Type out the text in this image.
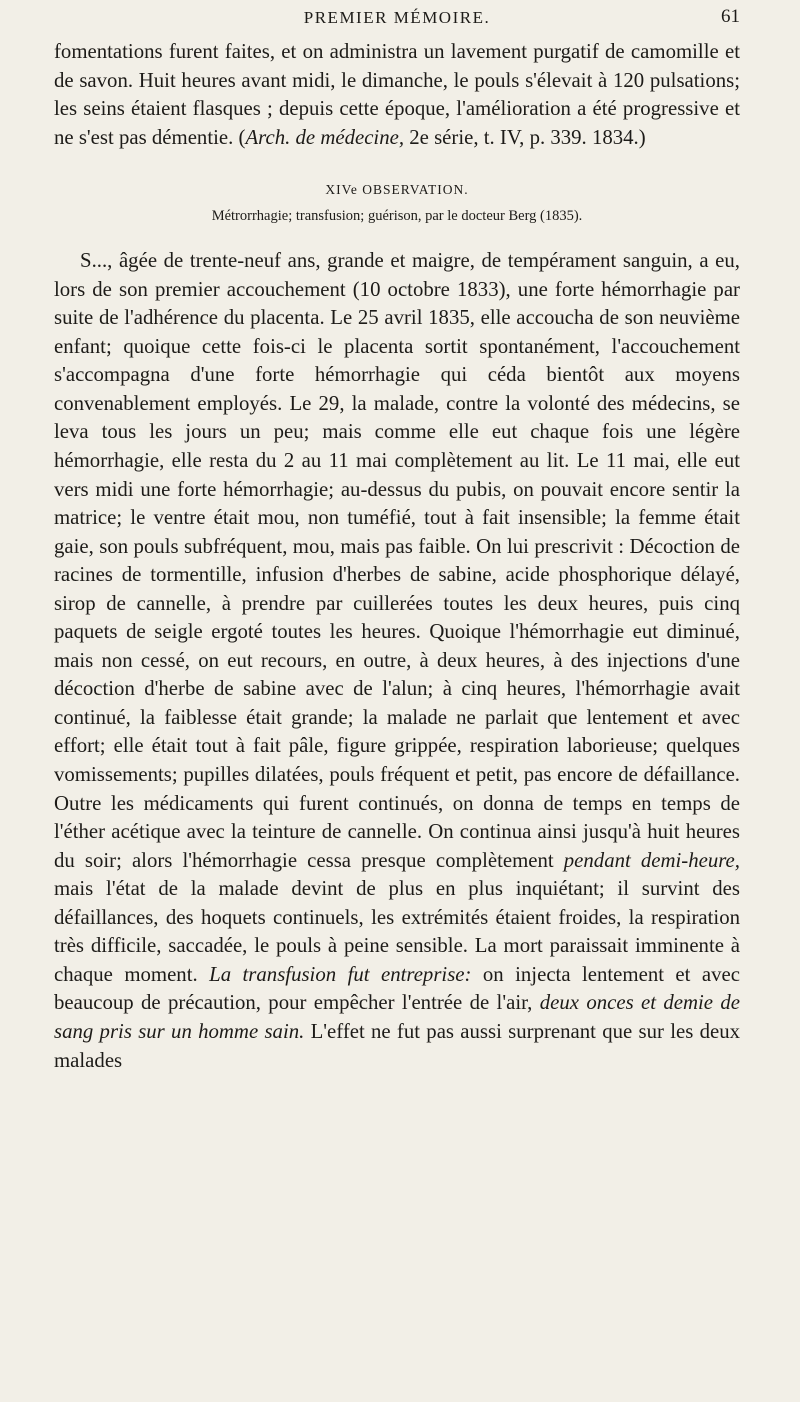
PREMIER MÉMOIRE.	61

fomentations furent faites, et on administra un lavement purgatif de camomille et de savon. Huit heures avant midi, le dimanche, le pouls s'élevait à 120 pulsations; les seins étaient flasques ; depuis cette époque, l'amélioration a été progressive et ne s'est pas démentie. (Arch. de médecine, 2e série, t. IV, p. 339. 1834.)

XIVe OBSERVATION.
Métrorrhagie; transfusion; guérison, par le docteur Berg (1835).

S..., âgée de trente-neuf ans, grande et maigre, de tempérament sanguin, a eu, lors de son premier accouchement (10 octobre 1833), une forte hémorrhagie par suite de l'adhérence du placenta. Le 25 avril 1835, elle accoucha de son neuvième enfant; quoique cette fois-ci le placenta sortit spontanément, l'accouchement s'accompagna d'une forte hémorrhagie qui céda bientôt aux moyens convenablement employés. Le 29, la malade, contre la volonté des médecins, se leva tous les jours un peu; mais comme elle eut chaque fois une légère hémorrhagie, elle resta du 2 au 11 mai complètement au lit. Le 11 mai, elle eut vers midi une forte hémorrhagie; au-dessus du pubis, on pouvait encore sentir la matrice; le ventre était mou, non tuméfié, tout à fait insensible; la femme était gaie, son pouls subfréquent, mou, mais pas faible. On lui prescrivit : Décoction de racines de tormentille, infusion d'herbes de sabine, acide phosphorique délayé, sirop de cannelle, à prendre par cuillerées toutes les deux heures, puis cinq paquets de seigle ergoté toutes les heures. Quoique l'hémorrhagie eut diminué, mais non cessé, on eut recours, en outre, à deux heures, à des injections d'une décoction d'herbe de sabine avec de l'alun; à cinq heures, l'hémorrhagie avait continué, la faiblesse était grande; la malade ne parlait que lentement et avec effort; elle était tout à fait pâle, figure grippée, respiration laborieuse; quelques vomissements; pupilles dilatées, pouls fréquent et petit, pas encore de défaillance. Outre les médicaments qui furent continués, on donna de temps en temps de l'éther acétique avec la teinture de cannelle. On continua ainsi jusqu'à huit heures du soir; alors l'hémorrhagie cessa presque complètement pendant demi-heure, mais l'état de la malade devint de plus en plus inquiétant; il survint des défaillances, des hoquets continuels, les extrémités étaient froides, la respiration très difficile, saccadée, le pouls à peine sensible. La mort paraissait imminente à chaque moment. La transfusion fut entreprise: on injecta lentement et avec beaucoup de précaution, pour empêcher l'entrée de l'air, deux onces et demie de sang pris sur un homme sain. L'effet ne fut pas aussi surprenant que sur les deux malades
